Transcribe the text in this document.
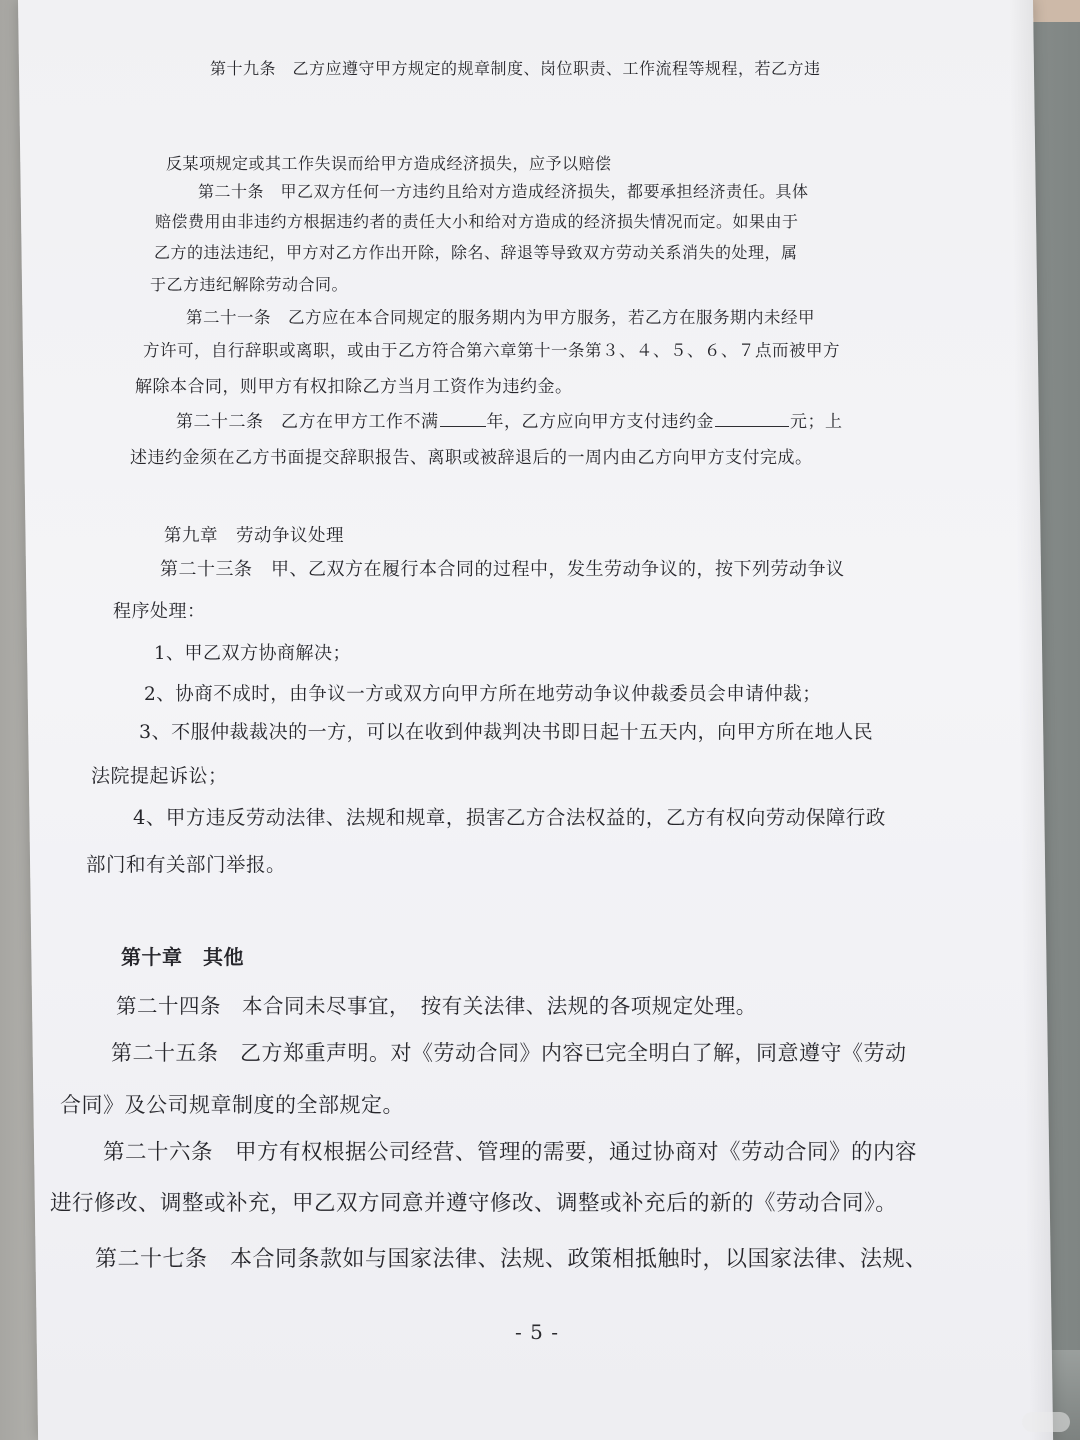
第十九条　乙方应遵守甲方规定的规章制度、岗位职责、工作流程等规程，若乙方违
反某项规定或其工作失误而给甲方造成经济损失，应予以赔偿
第二十条　甲乙双方任何一方违约且给对方造成经济损失，都要承担经济责任。具体
赔偿费用由非违约方根据违约者的责任大小和给对方造成的经济损失情况而定。如果由于
乙方的违法违纪，甲方对乙方作出开除，除名、辞退等导致双方劳动关系消失的处理，属
于乙方违纪解除劳动合同。
第二十一条　乙方应在本合同规定的服务期内为甲方服务，若乙方在服务期内未经甲
方许可，自行辞职或离职，或由于乙方符合第六章第十一条第３、４、５、６、７点而被甲方
解除本合同，则甲方有权扣除乙方当月工资作为违约金。
第二十二条　乙方在甲方工作不满	年，乙方应向甲方支付违约金	元；上
述违约金须在乙方书面提交辞职报告、离职或被辞退后的一周内由乙方向甲方支付完成。
第九章　劳动争议处理
第二十三条　甲、乙双方在履行本合同的过程中，发生劳动争议的，按下列劳动争议
程序处理：
1、甲乙双方协商解决；
2、协商不成时，由争议一方或双方向甲方所在地劳动争议仲裁委员会申请仲裁；
3、不服仲裁裁决的一方，可以在收到仲裁判决书即日起十五天内，向甲方所在地人民
法院提起诉讼；
4、甲方违反劳动法律、法规和规章，损害乙方合法权益的，乙方有权向劳动保障行政
部门和有关部门举报。
第十章　其他
第二十四条　本合同未尽事宜，　按有关法律、法规的各项规定处理。
第二十五条　乙方郑重声明。对《劳动合同》内容已完全明白了解，同意遵守《劳动
合同》及公司规章制度的全部规定。
第二十六条　甲方有权根据公司经营、管理的需要，通过协商对《劳动合同》的内容
进行修改、调整或补充，甲乙双方同意并遵守修改、调整或补充后的新的《劳动合同》。
第二十七条　本合同条款如与国家法律、法规、政策相抵触时，以国家法律、法规、
- 5 -
